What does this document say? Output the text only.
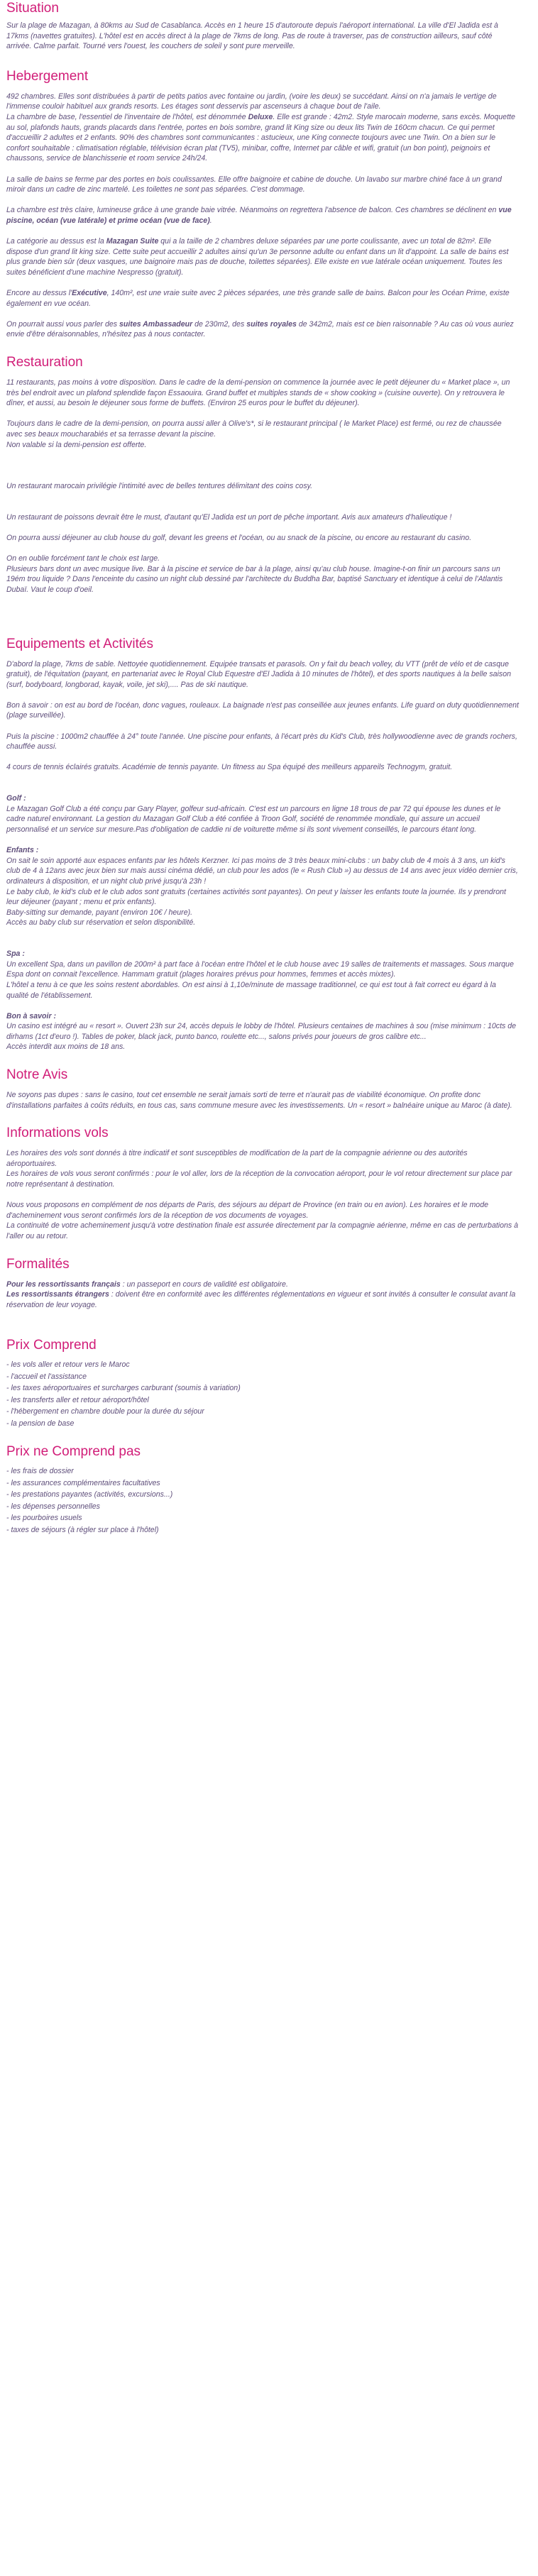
Situation

Sur la plage de Mazagan, à 80kms au Sud de Casablanca. Accès en 1 heure 15 d'autoroute depuis l'aéroport international. La ville d'El Jadida est à 17kms (navettes gratuites). L'hôtel est en accès direct à la plage de 7kms de long. Pas de route à traverser, pas de construction ailleurs, sauf côté arrivée. Calme parfait. Tourné vers l'ouest, les couchers de soleil y sont pure merveille.

Hebergement

492 chambres. Elles sont distribuées à partir de petits patios avec fontaine ou jardin, (voire les deux) se succédant. Ainsi on n'a jamais le vertige de l'immense couloir habituel aux grands resorts. Les étages sont desservis par ascenseurs à chaque bout de l'aile.

La chambre de base, l'essentiel de l'inventaire de l'hôtel, est dénommée Deluxe. Elle est grande : 42m2. Style marocain moderne, sans excès. Moquette au sol, plafonds hauts, grands placards dans l'entrée, portes en bois sombre, grand lit King size ou deux lits Twin de 160cm chacun. Ce qui permet d'accueillir 2 adultes et 2 enfants. 90% des chambres sont communicantes : astucieux, une King connecte toujours avec une Twin. On a bien sur le confort souhaitable : climatisation réglable, télévision écran plat (TV5), minibar, coffre, Internet par câble et wifi, gratuit (un bon point), peignoirs et chaussons, service de blanchisserie et room service 24h/24.

La salle de bains se ferme par des portes en bois coulissantes. Elle offre baignoire et cabine de douche. Un lavabo sur marbre chiné face à un grand miroir dans un cadre de zinc martelé. Les toilettes ne sont pas séparées. C'est dommage.

La chambre est très claire, lumineuse grâce à une grande baie vitrée. Néanmoins on regrettera l'absence de balcon. Ces chambres se déclinent en vue piscine, océan (vue latérale) et prime océan (vue de face).

La catégorie au dessus est la Mazagan Suite qui a la taille de 2 chambres deluxe séparées par une porte coulissante, avec un total de 82m². Elle dispose d'un grand lit king size. Cette suite peut accueillir 2 adultes ainsi qu'un 3e personne adulte ou enfant dans un lit d'appoint. La salle de bains est plus grande bien sûr (deux vasques, une baignoire mais pas de douche, toilettes séparées). Elle existe en vue latérale océan uniquement. Toutes les suites bénéficient d'une machine Nespresso (gratuit).

Encore au dessus l'Exécutive, 140m², est une vraie suite avec 2 pièces séparées, une très grande salle de bains. Balcon pour les Océan Prime, existe également en vue océan.

On pourrait aussi vous parler des suites Ambassadeur de 230m2, des suites royales de 342m2, mais est ce bien raisonnable ? Au cas où vous auriez envie d'être déraisonnables, n'hésitez pas à nous contacter.

Restauration

11 restaurants, pas moins à votre disposition. Dans le cadre de la demi-pension on commence la journée avec le petit déjeuner du « Market place », un très bel endroit avec un plafond splendide façon Essaouira. Grand buffet et multiples stands de « show cooking » (cuisine ouverte). On y retrouvera le dîner, et aussi, au besoin le déjeuner sous forme de buffets. (Environ 25 euros pour le buffet du déjeuner).

Toujours dans le cadre de la demi-pension, on pourra aussi aller à Olive's*, si le restaurant principal ( le Market Place) est fermé, ou rez de chaussée avec ses beaux moucharabiés et sa terrasse devant la piscine.

Non valable si la demi-pension est offerte.

Un restaurant marocain privilégie l'intimité avec de belles tentures délimitant des coins cosy.

Un restaurant de poissons devrait être le must, d'autant qu'El Jadida est un port de pêche important. Avis aux amateurs d'halieutique !

On pourra aussi déjeuner au club house du golf, devant les greens et l'océan, ou au snack de la piscine, ou encore au restaurant du casino.

On en oublie forcément tant le choix est large.

Plusieurs bars dont un avec musique live. Bar à la piscine et service de bar à la plage, ainsi qu'au club house. Imagine-t-on finir un parcours sans un 19ém trou liquide ? Dans l'enceinte du casino un night club dessiné par l'architecte du Buddha Bar, baptisé Sanctuary et identique à celui de l'Atlantis Dubaï. Vaut le coup d'oeil.

Equipements et Activités

D'abord la plage, 7kms de sable. Nettoyée quotidiennement. Equipée transats et parasols. On y fait du beach volley, du VTT (prêt de vélo et de casque gratuit), de l'équitation (payant, en partenariat avec le Royal Club Equestre d'El Jadida à 10 minutes de l'hôtel), et des sports nautiques à la belle saison (surf, bodyboard, longborad, kayak, voile, jet ski),.... Pas de ski nautique.

Bon à savoir : on est au bord de l'océan, donc vagues, rouleaux. La baignade n'est pas conseillée aux jeunes enfants. Life guard on duty quotidiennement (plage surveillée).

Puis la piscine : 1000m2 chauffée à 24° toute l'année. Une piscine pour enfants, à l'écart près du Kid's Club, très hollywoodienne avec de grands rochers, chauffée aussi.

4 cours de tennis éclairés gratuits. Académie de tennis payante. Un fitness au Spa équipé des meilleurs appareils Technogym, gratuit.

Golf :

Le Mazagan Golf Club a été conçu par Gary Player, golfeur sud-africain. C'est est un parcours en ligne 18 trous de par 72 qui épouse les dunes et le cadre naturel environnant. La gestion du Mazagan Golf Club a été confiée à Troon Golf, société de renommée mondiale, qui assure un accueil personnalisé et un service sur mesure.Pas d'obligation de caddie ni de voiturette même si ils sont vivement conseillés, le parcours étant long.

Enfants :

On sait le soin apporté aux espaces enfants par les hôtels Kerzner. Ici pas moins de 3 très beaux mini-clubs : un baby club de 4 mois à 3 ans, un kid's club de 4 à 12ans avec jeux bien sur mais aussi cinéma dédié, un club pour les ados (le « Rush Club ») au dessus de 14 ans avec jeux vidéo dernier cris, ordinateurs à disposition, et un night club privé jusqu'à 23h !

Le baby club, le kid's club et le club ados sont gratuits (certaines activités sont payantes). On peut y laisser les enfants toute la journée. Ils y prendront leur déjeuner (payant ; menu et prix enfants).

Baby-sitting sur demande, payant (environ 10€ / heure).

Accès au baby club sur réservation et selon disponibilité.

Spa :

Un excellent Spa, dans un pavillon de 200m² à part face à l'océan entre l'hôtel et le club house avec 19 salles de traitements et massages. Sous marque Espa dont on connait l'excellence. Hammam gratuit (plages horaires prévus pour hommes, femmes et accès mixtes).

L'hôtel a tenu à ce que les soins restent abordables. On est ainsi à 1,10e/minute de massage traditionnel, ce qui est tout à fait correct eu égard à la qualité de l'établissement.

Bon à savoir :

Un casino est intégré au « resort ». Ouvert 23h sur 24, accès depuis le lobby de l'hôtel. Plusieurs centaines de machines à sou (mise minimum : 10cts de dirhams (1ct d'euro !). Tables de poker, black jack, punto banco, roulette etc..., salons privés pour joueurs de gros calibre etc...

Accès interdit aux moins de 18 ans.

Notre Avis

Ne soyons pas dupes : sans le casino, tout cet ensemble ne serait jamais sorti de terre et n'aurait pas de viabilité économique. On profite donc d'installations parfaites à coûts réduits, en tous cas, sans commune mesure avec les investissements. Un « resort » balnéaire unique au Maroc (à date).

Informations vols

Les horaires des vols sont donnés à titre indicatif et sont susceptibles de modification de la part de la compagnie aérienne ou des autorités aéroportuaires.

Les horaires de vols vous seront confirmés : pour le vol aller, lors de la réception de la convocation aéroport, pour le vol retour directement sur place par notre représentant à destination.

Nous vous proposons en complément de nos départs de Paris, des séjours au départ de Province (en train ou en avion). Les horaires et le mode d'acheminement vous seront confirmés lors de la réception de vos documents de voyages.

La continuité de votre acheminement jusqu'à votre destination finale est assurée directement par la compagnie aérienne, même en cas de perturbations à l'aller ou au retour.

Formalités

Pour les ressortissants français : un passeport en cours de validité est obligatoire.

Les ressortissants étrangers : doivent être en conformité avec les différentes réglementations en vigueur et sont invités à consulter le consulat avant la réservation de leur voyage.

Prix Comprend
- les vols aller et retour vers le Maroc
- l'accueil et l'assistance
- les taxes aéroportuaires et surcharges carburant (soumis à variation)
- les transferts aller et retour aéroport/hôtel
- l'hébergement en chambre double pour la durée du séjour
- la pension de base
Prix ne Comprend pas
- les frais de dossier
- les assurances complémentaires facultatives
- les prestations payantes (activités, excursions...)
- les dépenses personnelles
- les pourboires usuels
- taxes de séjours (à régler sur place à l'hôtel)
